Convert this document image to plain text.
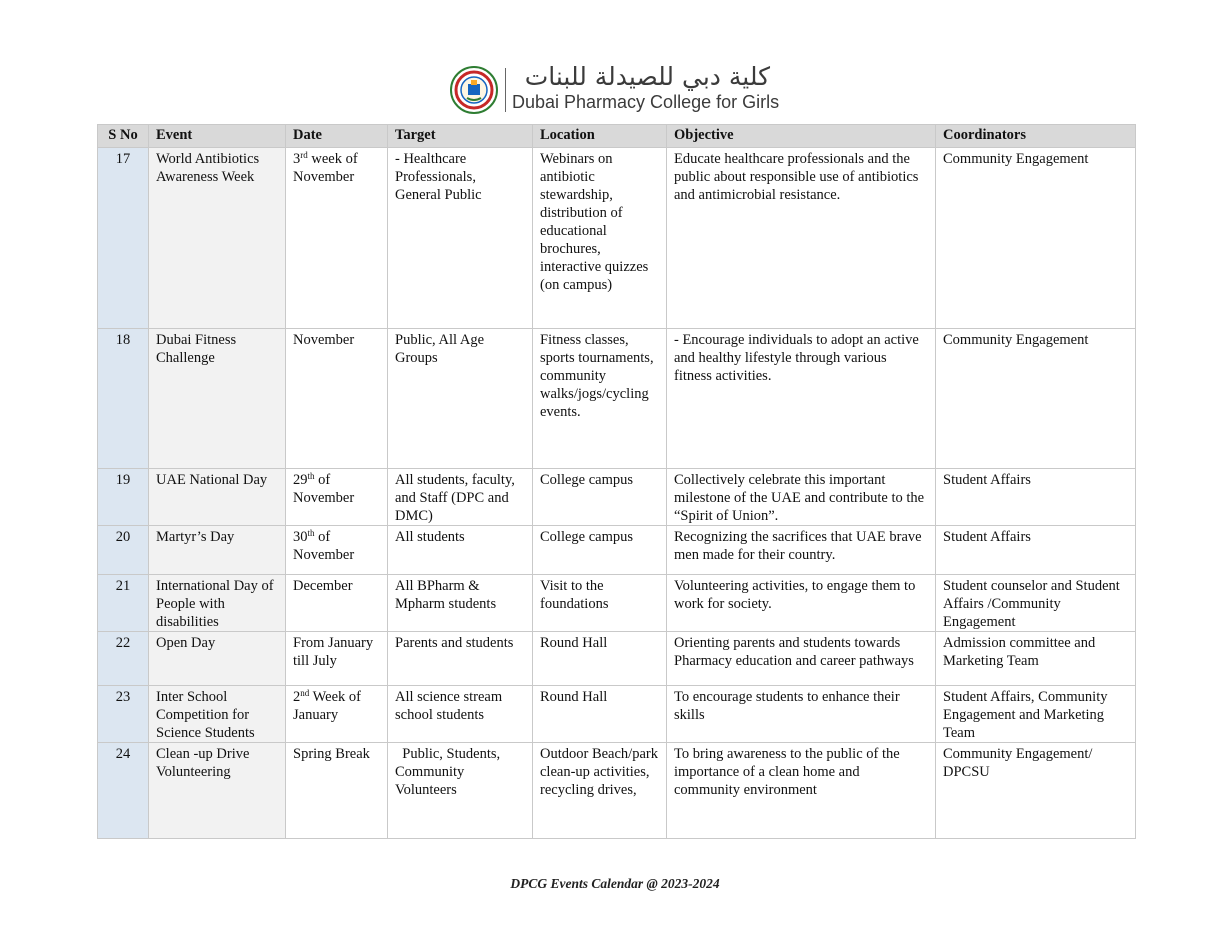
كلية دبي للصيدلة للبنات
Dubai Pharmacy College for Girls
S No	Event	Date	Target	Location	Objective	Coordinators
17	World Antibiotics Awareness Week	3rd week of November	- Healthcare Professionals, General Public	Webinars on antibiotic stewardship, distribution of educational brochures, interactive quizzes (on campus)	Educate healthcare professionals and the public about responsible use of antibiotics and antimicrobial resistance.	Community Engagement
18	Dubai Fitness Challenge	November	Public, All Age Groups	Fitness classes, sports tournaments, community walks/jogs/cycling events.	- Encourage individuals to adopt an active and healthy lifestyle through various fitness activities.	Community Engagement
19	UAE National Day	29th of November	All students, faculty, and Staff (DPC and DMC)	College campus	Collectively celebrate this important milestone of the UAE and contribute to the “Spirit of Union”.	Student Affairs
20	Martyr’s Day	30th of November	All students	College campus	Recognizing the sacrifices that UAE brave men made for their country.	Student Affairs
21	International Day of People with disabilities	December	All BPharm & Mpharm students	Visit to the foundations	Volunteering activities, to engage them to work for society.	Student counselor and Student Affairs /Community Engagement
22	Open Day	From January till July	Parents and students	Round Hall	Orienting parents and students towards Pharmacy education and career pathways	Admission committee and Marketing Team
23	Inter School Competition for Science Students	2nd Week of January	All science stream school students	Round Hall	To encourage students to enhance their skills	Student Affairs, Community Engagement and Marketing Team
24	Clean -up Drive Volunteering	Spring Break	Public, Students, Community Volunteers	Outdoor Beach/park clean-up activities, recycling drives,	To bring awareness to the public of the importance of a clean home and community environment	Community Engagement/ DPCSU
DPCG Events Calendar @ 2023-2024
